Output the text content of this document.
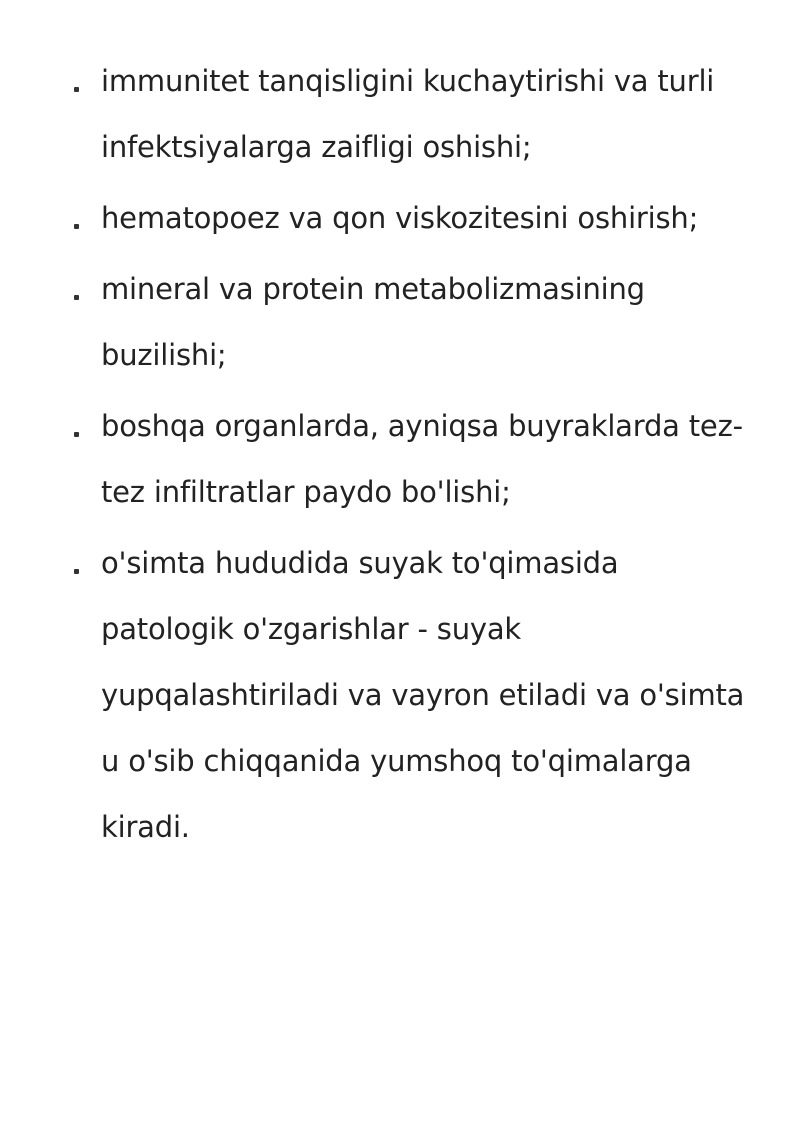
immunitet tanqisligini kuchaytirishi va turli infektsiyalarga zaifligi oshishi;
hematopoez va qon viskozitesini oshirish;
mineral va protein metabolizmasining buzilishi;
boshqa organlarda, ayniqsa buyraklarda tez-tez infiltratlar paydo bo'lishi;
o'simta hududida suyak to'qimasida patologik o'zgarishlar - suyak yupqalashtiriladi va vayron etiladi va o'simta u o'sib chiqqanida yumshoq to'qimalarga kiradi.
